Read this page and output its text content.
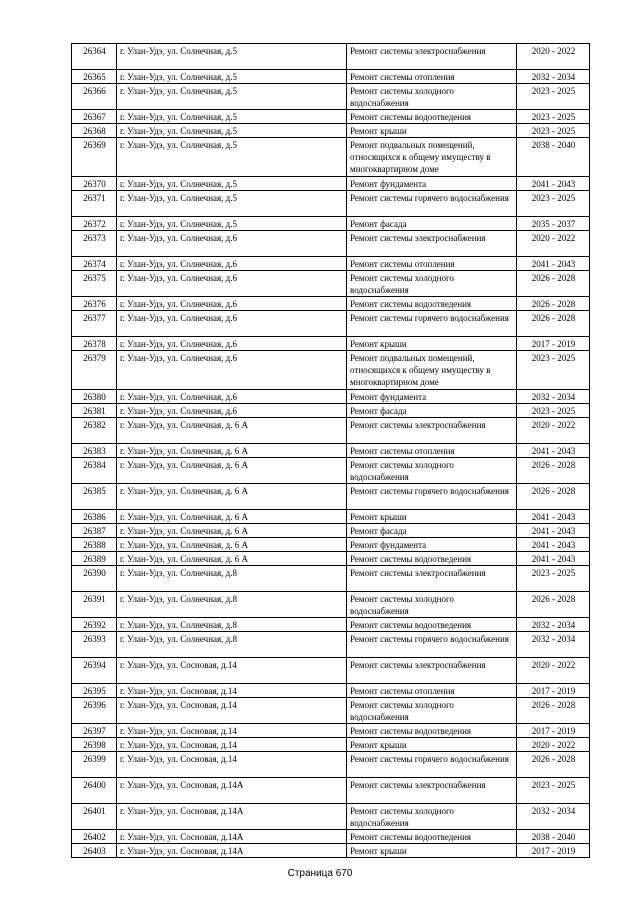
26364	г. Улан-Удэ, ул. Солнечная, д.5	Ремонт системы электроснабжения	2020 - 2022
26365	г. Улан-Удэ, ул. Солнечная, д.5	Ремонт системы отопления	2032 - 2034
26366	г. Улан-Удэ, ул. Солнечная, д.5	Ремонт системы холодного водоснабжения	2023 - 2025
26367	г. Улан-Удэ, ул. Солнечная, д.5	Ремонт системы водоотведения	2023 - 2025
26368	г. Улан-Удэ, ул. Солнечная, д.5	Ремонт крыши	2023 - 2025
26369	г. Улан-Удэ, ул. Солнечная, д.5	Ремонт подвальных помещений, относящихся к общему имуществу в многоквартирном доме	2038 - 2040
26370	г. Улан-Удэ, ул. Солнечная, д.5	Ремонт фундамента	2041 - 2043
26371	г. Улан-Удэ, ул. Солнечная, д.5	Ремонт системы горячего водоснабжения	2023 - 2025
26372	г. Улан-Удэ, ул. Солнечная, д.5	Ремонт фасада	2035 - 2037
26373	г. Улан-Удэ, ул. Солнечная, д.6	Ремонт системы электроснабжения	2020 - 2022
26374	г. Улан-Удэ, ул. Солнечная, д.6	Ремонт системы отопления	2041 - 2043
26375	г. Улан-Удэ, ул. Солнечная, д.6	Ремонт системы холодного водоснабжения	2026 - 2028
26376	г. Улан-Удэ, ул. Солнечная, д.6	Ремонт системы водоотведения	2026 - 2028
26377	г. Улан-Удэ, ул. Солнечная, д.6	Ремонт системы горячего водоснабжения	2026 - 2028
26378	г. Улан-Удэ, ул. Солнечная, д.6	Ремонт крыши	2017 - 2019
26379	г. Улан-Удэ, ул. Солнечная, д.6	Ремонт подвальных помещений, относящихся к общему имуществу в многоквартирном доме	2023 - 2025
26380	г. Улан-Удэ, ул. Солнечная, д.6	Ремонт фундамента	2032 - 2034
26381	г. Улан-Удэ, ул. Солнечная, д.6	Ремонт фасада	2023 - 2025
26382	г. Улан-Удэ, ул. Солнечная, д. 6 А	Ремонт системы электроснабжения	2020 - 2022
26383	г. Улан-Удэ, ул. Солнечная, д. 6 А	Ремонт системы отопления	2041 - 2043
26384	г. Улан-Удэ, ул. Солнечная, д. 6 А	Ремонт системы холодного водоснабжения	2026 - 2028
26385	г. Улан-Удэ, ул. Солнечная, д. 6 А	Ремонт системы горячего водоснабжения	2026 - 2028
26386	г. Улан-Удэ, ул. Солнечная, д. 6 А	Ремонт крыши	2041 - 2043
26387	г. Улан-Удэ, ул. Солнечная, д. 6 А	Ремонт фасада	2041 - 2043
26388	г. Улан-Удэ, ул. Солнечная, д. 6 А	Ремонт фундамента	2041 - 2043
26389	г. Улан-Удэ, ул. Солнечная, д. 6 А	Ремонт системы водоотведения	2041 - 2043
26390	г. Улан-Удэ, ул. Солнечная, д.8	Ремонт системы электроснабжения	2023 - 2025
26391	г. Улан-Удэ, ул. Солнечная, д.8	Ремонт системы холодного водоснабжения	2026 - 2028
26392	г. Улан-Удэ, ул. Солнечная, д.8	Ремонт системы водоотведения	2032 - 2034
26393	г. Улан-Удэ, ул. Солнечная, д.8	Ремонт системы горячего водоснабжения	2032 - 2034
26394	г. Улан-Удэ, ул. Сосновая, д.14	Ремонт системы электроснабжения	2020 - 2022
26395	г. Улан-Удэ, ул. Сосновая, д.14	Ремонт системы отопления	2017 - 2019
26396	г. Улан-Удэ, ул. Сосновая, д.14	Ремонт системы холодного водоснабжения	2026 - 2028
26397	г. Улан-Удэ, ул. Сосновая, д.14	Ремонт системы водоотведения	2017 - 2019
26398	г. Улан-Удэ, ул. Сосновая, д.14	Ремонт крыши	2020 - 2022
26399	г. Улан-Удэ, ул. Сосновая, д.14	Ремонт системы горячего водоснабжения	2026 - 2028
26400	г. Улан-Удэ, ул. Сосновая, д.14А	Ремонт системы электроснабжения	2023 - 2025
26401	г. Улан-Удэ, ул. Сосновая, д.14А	Ремонт системы холодного водоснабжения	2032 - 2034
26402	г. Улан-Удэ, ул. Сосновая, д.14А	Ремонт системы водоотведения	2038 - 2040
26403	г. Улан-Удэ, ул. Сосновая, д.14А	Ремонт крыши	2017 - 2019
Страница 670
